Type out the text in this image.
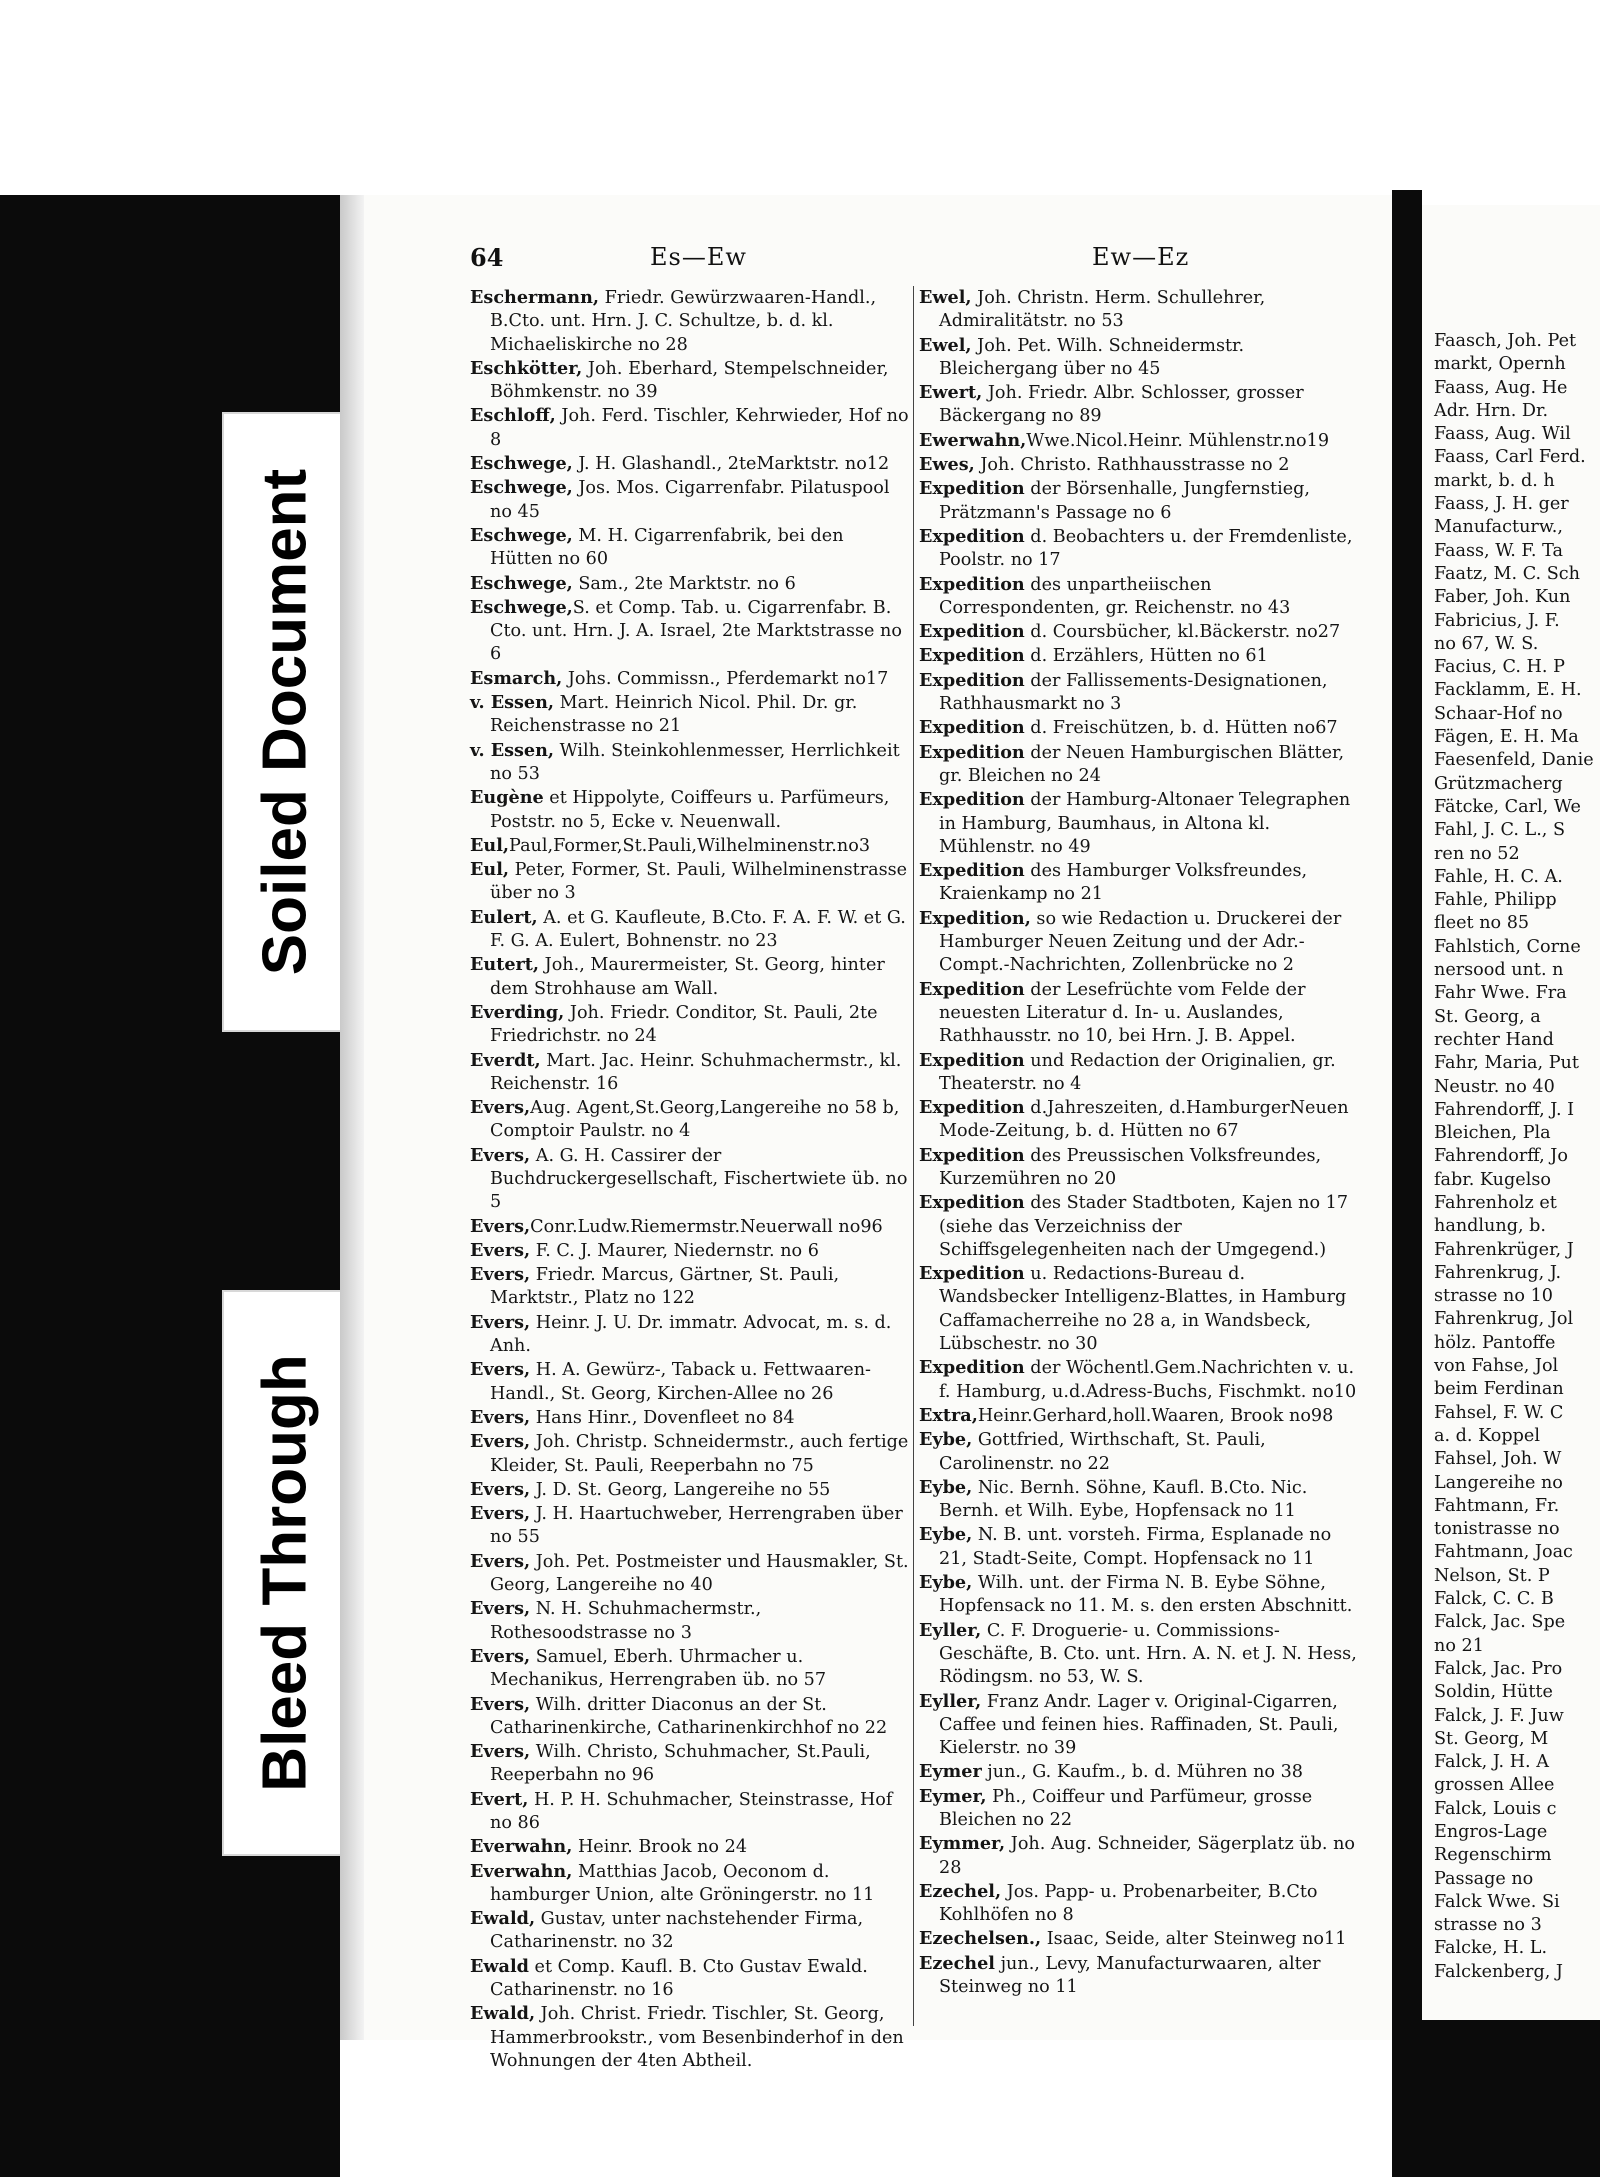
Soiled Document
Bleed Through
64	Es—Ew	Ew—Ez

Eschermann, Friedr. Gewürzwaaren-Handl., B.Cto. unt. Hrn. J. C. Schultze, b. d. kl. Michaeliskirche no 28

Eschkötter, Joh. Eberhard, Stempelschneider, Böhmkenstr. no 39

Eschloff, Joh. Ferd. Tischler, Kehrwieder, Hof no 8

Eschwege, J. H. Glashandl., 2teMarktstr. no12

Eschwege, Jos. Mos. Cigarrenfabr. Pilatuspool no 45

Eschwege, M. H. Cigarrenfabrik, bei den Hütten no 60

Eschwege, Sam., 2te Marktstr. no 6

Eschwege,S. et Comp. Tab. u. Cigarrenfabr. B. Cto. unt. Hrn. J. A. Israel, 2te Marktstrasse no 6

Esmarch, Johs. Commissn., Pferdemarkt no17

v. Essen, Mart. Heinrich Nicol. Phil. Dr. gr. Reichenstrasse no 21

v. Essen, Wilh. Steinkohlenmesser, Herrlichkeit no 53

Eugène et Hippolyte, Coiffeurs u. Parfümeurs, Poststr. no 5, Ecke v. Neuenwall.

Eul,Paul,Former,St.Pauli,Wilhelminenstr.no3

Eul, Peter, Former, St. Pauli, Wilhelminenstrasse über no 3

Eulert, A. et G. Kaufleute, B.Cto. F. A. F. W. et G. F. G. A. Eulert, Bohnenstr. no 23

Eutert, Joh., Maurermeister, St. Georg, hinter dem Strohhause am Wall.

Everding, Joh. Friedr. Conditor, St. Pauli, 2te Friedrichstr. no 24

Everdt, Mart. Jac. Heinr. Schuhmachermstr., kl. Reichenstr. 16

Evers,Aug. Agent,St.Georg,Langereihe no 58 b, Comptoir Paulstr. no 4

Evers, A. G. H. Cassirer der Buchdruckergesellschaft, Fischertwiete üb. no 5

Evers,Conr.Ludw.Riemermstr.Neuerwall no96

Evers, F. C. J. Maurer, Niedernstr. no 6

Evers, Friedr. Marcus, Gärtner, St. Pauli, Marktstr., Platz no 122

Evers, Heinr. J. U. Dr. immatr. Advocat, m. s. d. Anh.

Evers, H. A. Gewürz-, Taback u. Fettwaaren-Handl., St. Georg, Kirchen-Allee no 26

Evers, Hans Hinr., Dovenfleet no 84

Evers, Joh. Christp. Schneidermstr., auch fertige Kleider, St. Pauli, Reeperbahn no 75

Evers, J. D. St. Georg, Langereihe no 55

Evers, J. H. Haartuchweber, Herrengraben über no 55

Evers, Joh. Pet. Postmeister und Hausmakler, St. Georg, Langereihe no 40

Evers, N. H. Schuhmachermstr., Rothesoodstrasse no 3

Evers, Samuel, Eberh. Uhrmacher u. Mechanikus, Herrengraben üb. no 57

Evers, Wilh. dritter Diaconus an der St. Catharinenkirche, Catharinenkirchhof no 22

Evers, Wilh. Christo, Schuhmacher, St.Pauli, Reeperbahn no 96

Evert, H. P. H. Schuhmacher, Steinstrasse, Hof no 86

Everwahn, Heinr. Brook no 24

Everwahn, Matthias Jacob, Oeconom d. hamburger Union, alte Gröningerstr. no 11

Ewald, Gustav, unter nachstehender Firma, Catharinenstr. no 32

Ewald et Comp. Kaufl. B. Cto Gustav Ewald. Catharinenstr. no 16

Ewald, Joh. Christ. Friedr. Tischler, St. Georg, Hammerbrookstr., vom Besenbinderhof in den Wohnungen der 4ten Abtheil.

Ewel, Joh. Christn. Herm. Schullehrer, Admiralitätstr. no 53

Ewel, Joh. Pet. Wilh. Schneidermstr. Bleichergang über no 45

Ewert, Joh. Friedr. Albr. Schlosser, grosser Bäckergang no 89

Ewerwahn,Wwe.Nicol.Heinr. Mühlenstr.no19

Ewes, Joh. Christo. Rathhausstrasse no 2

Expedition der Börsenhalle, Jungfernstieg, Prätzmann's Passage no 6

Expedition d. Beobachters u. der Fremdenliste, Poolstr. no 17

Expedition des unpartheiischen Correspondenten, gr. Reichenstr. no 43

Expedition d. Coursbücher, kl.Bäckerstr. no27

Expedition d. Erzählers, Hütten no 61

Expedition der Fallissements-Designationen, Rathhausmarkt no 3

Expedition d. Freischützen, b. d. Hütten no67

Expedition der Neuen Hamburgischen Blätter, gr. Bleichen no 24

Expedition der Hamburg-Altonaer Telegraphen in Hamburg, Baumhaus, in Altona kl. Mühlenstr. no 49

Expedition des Hamburger Volksfreundes, Kraienkamp no 21

Expedition, so wie Redaction u. Druckerei der Hamburger Neuen Zeitung und der Adr.-Compt.-Nachrichten, Zollenbrücke no 2

Expedition der Lesefrüchte vom Felde der neuesten Literatur d. In- u. Auslandes, Rathhausstr. no 10, bei Hrn. J. B. Appel.

Expedition und Redaction der Originalien, gr. Theaterstr. no 4

Expedition d.Jahreszeiten, d.HamburgerNeuen Mode-Zeitung, b. d. Hütten no 67

Expedition des Preussischen Volksfreundes, Kurzemühren no 20

Expedition des Stader Stadtboten, Kajen no 17 (siehe das Verzeichniss der Schiffsgelegenheiten nach der Umgegend.)

Expedition u. Redactions-Bureau d. Wandsbecker Intelligenz-Blattes, in Hamburg Caffamacherreihe no 28 a, in Wandsbeck, Lübschestr. no 30

Expedition der Wöchentl.Gem.Nachrichten v. u. f. Hamburg, u.d.Adress-Buchs, Fischmkt. no10

Extra,Heinr.Gerhard,holl.Waaren, Brook no98

Eybe, Gottfried, Wirthschaft, St. Pauli, Carolinenstr. no 22

Eybe, Nic. Bernh. Söhne, Kaufl. B.Cto. Nic. Bernh. et Wilh. Eybe, Hopfensack no 11

Eybe, N. B. unt. vorsteh. Firma, Esplanade no 21, Stadt-Seite, Compt. Hopfensack no 11

Eybe, Wilh. unt. der Firma N. B. Eybe Söhne, Hopfensack no 11. M. s. den ersten Abschnitt.

Eyller, C. F. Droguerie- u. Commissions-Geschäfte, B. Cto. unt. Hrn. A. N. et J. N. Hess, Rödingsm. no 53, W. S.

Eyller, Franz Andr. Lager v. Original-Cigarren, Caffee und feinen hies. Raffinaden, St. Pauli, Kielerstr. no 39

Eymer jun., G. Kaufm., b. d. Mühren no 38

Eymer, Ph., Coiffeur und Parfümeur, grosse Bleichen no 22

Eymmer, Joh. Aug. Schneider, Sägerplatz üb. no 28

Ezechel, Jos. Papp- u. Probenarbeiter, B.Cto Kohlhöfen no 8

Ezechelsen., Isaac, Seide, alter Steinweg no11

Ezechel jun., Levy, Manufacturwaaren, alter Steinweg no 11

Faasch, Joh. Pet

markt, Opernh

Faass, Aug. He

Adr. Hrn. Dr.

Faass, Aug. Wil

Faass, Carl Ferd.

markt, b. d. h

Faass, J. H. ger

Manufacturw.,

Faass, W. F. Ta

Faatz, M. C. Sch

Faber, Joh. Kun

Fabricius, J. F.

no 67, W. S.

Facius, C. H. P

Facklamm, E. H.

Schaar-Hof no

Fägen, E. H. Ma

Faesenfeld, Danie

Grützmacherg

Fätcke, Carl, We

Fahl, J. C. L., S

ren no 52

Fahle, H. C. A.

Fahle, Philipp

fleet no 85

Fahlstich, Corne

nersood unt. n

Fahr Wwe. Fra

St. Georg, a

rechter Hand

Fahr, Maria, Put

Neustr. no 40

Fahrendorff, J. I

Bleichen, Pla

Fahrendorff, Jo

fabr. Kugelso

Fahrenholz et

handlung, b.

Fahrenkrüger, J

Fahrenkrug, J.

strasse no 10

Fahrenkrug, Jol

hölz. Pantoffe

von Fahse, Jol

beim Ferdinan

Fahsel, F. W. C

a. d. Koppel

Fahsel, Joh. W

Langereihe no

Fahtmann, Fr.

tonistrasse no

Fahtmann, Joac

Nelson, St. P

Falck, C. C. B

Falck, Jac. Spe

no 21

Falck, Jac. Pro

Soldin, Hütte

Falck, J. F. Juw

St. Georg, M

Falck, J. H. A

grossen Allee

Falck, Louis c

Engros-Lage

Regenschirm

Passage no

Falck Wwe. Si

strasse no 3

Falcke, H. L.

Falckenberg, J
